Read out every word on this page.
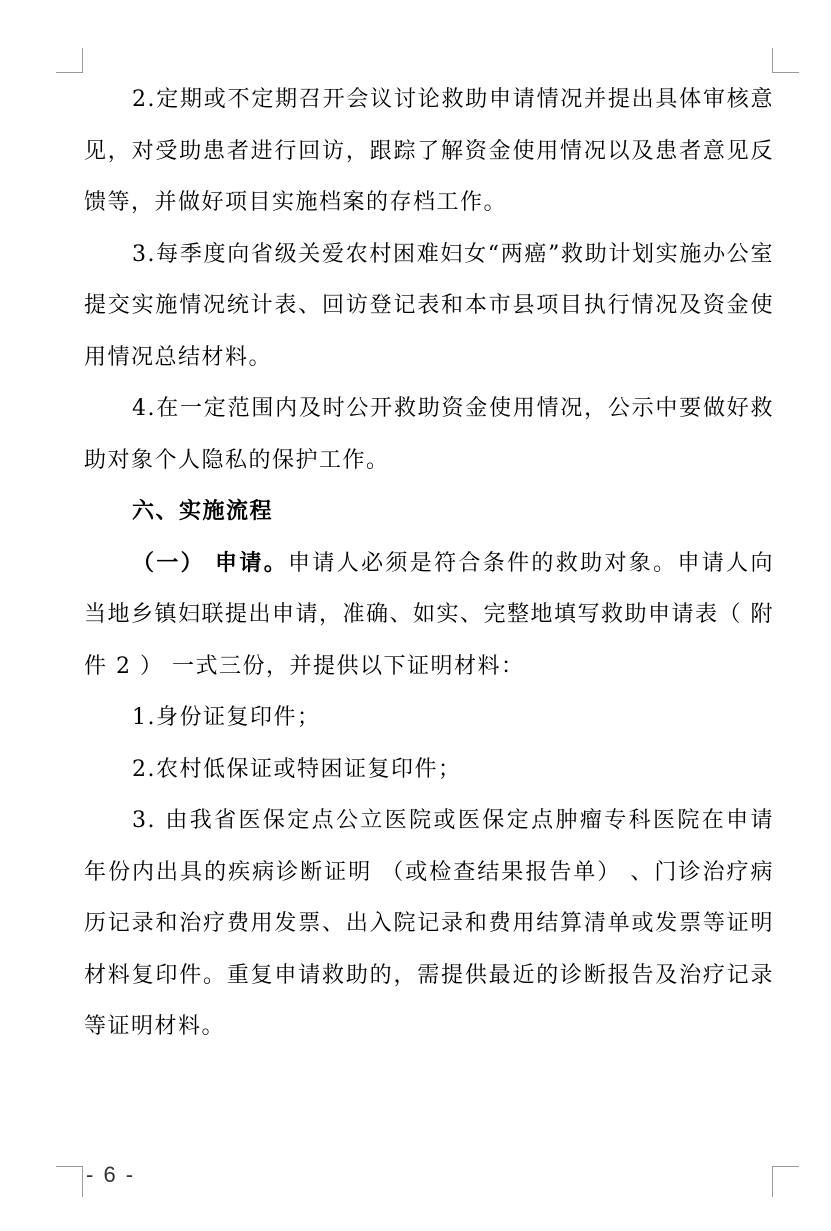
2.定期或不定期召开会议讨论救助申请情况并提出具体审核意见，对受助患者进行回访，跟踪了解资金使用情况以及患者意见反馈等，并做好项目实施档案的存档工作。

3.每季度向省级关爱农村困难妇女“两癌”救助计划实施办公室提交实施情况统计表、回访登记表和本市县项目执行情况及资金使用情况总结材料。

4.在一定范围内及时公开救助资金使用情况，公示中要做好救助对象个人隐私的保护工作。

六、实施流程

（一） 申请。申请人必须是符合条件的救助对象。申请人向当地乡镇妇联提出申请，准确、如实、完整地填写救助申请表（ 附件 2 ） 一式三份，并提供以下证明材料：

1.身份证复印件；

2.农村低保证或特困证复印件；

3. 由我省医保定点公立医院或医保定点肿瘤专科医院在申请年份内出具的疾病诊断证明 （或检查结果报告单） 、门诊治疗病历记录和治疗费用发票、出入院记录和费用结算清单或发票等证明材料复印件。重复申请救助的，需提供最近的诊断报告及治疗记录等证明材料。

- 6 -
